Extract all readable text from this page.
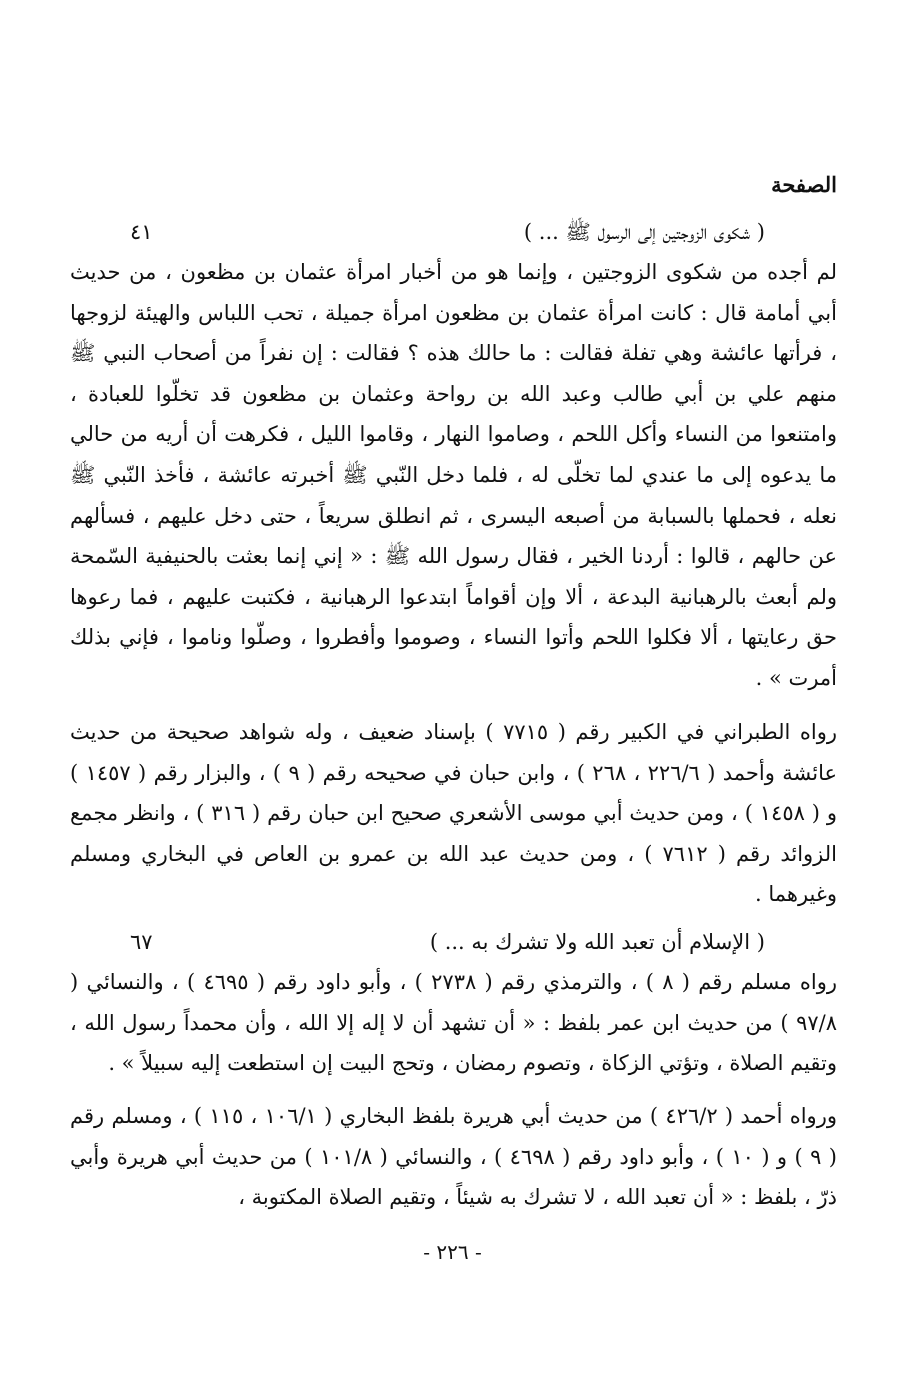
الصفحة
( شكوى الزوجتين إلى الرسول ﷺ ... )
٤١
لم أجده من شكوى الزوجتين ، وإنما هو من أخبار امرأة عثمان بن مظعون ، من حديث أبي أمامة قال : كانت امرأة عثمان بن مظعون امرأة جميلة ، تحب اللباس والهيئة لزوجها ، فرأتها عائشة وهي تفلة فقالت : ما حالك هذه ؟ فقالت : إن نفراً من أصحاب النبي ﷺ منهم علي بن أبي طالب وعبد الله بن رواحة وعثمان بن مظعون قد تخلّوا للعبادة ، وامتنعوا من النساء وأكل اللحم ، وصاموا النهار ، وقاموا الليل ، فكرهت أن أريه من حالي ما يدعوه إلى ما عندي لما تخلّى له ، فلما دخل النّبي ﷺ أخبرته عائشة ، فأخذ النّبي ﷺ نعله ، فحملها بالسبابة من أصبعه اليسرى ، ثم انطلق سريعاً ، حتى دخل عليهم ، فسألهم عن حالهم ، قالوا : أردنا الخير ، فقال رسول الله ﷺ : « إني إنما بعثت بالحنيفية السّمحة ولم أبعث بالرهبانية البدعة ، ألا وإن أقواماً ابتدعوا الرهبانية ، فكتبت عليهم ، فما رعوها حق رعايتها ، ألا فكلوا اللحم وأتوا النساء ، وصوموا وأفطروا ، وصلّوا وناموا ، فإني بذلك أمرت » .
رواه الطبراني في الكبير رقم ( ٧٧١٥ ) بإسناد ضعيف ، وله شواهد صحيحة من حديث عائشة وأحمد ( ٢٢٦/٦ ، ٢٦٨ ) ، وابن حبان في صحيحه رقم ( ٩ ) ، والبزار رقم ( ١٤٥٧ ) و ( ١٤٥٨ ) ، ومن حديث أبي موسى الأشعري صحيح ابن حبان رقم ( ٣١٦ ) ، وانظر مجمع الزوائد رقم ( ٧٦١٢ ) ، ومن حديث عبد الله بن عمرو بن العاص في البخاري ومسلم وغيرهما .
( الإسلام أن تعبد الله ولا تشرك به ... )
٦٧
رواه مسلم رقم ( ٨ ) ، والترمذي رقم ( ٢٧٣٨ ) ، وأبو داود رقم ( ٤٦٩٥ ) ، والنسائي ( ٩٧/٨ ) من حديث ابن عمر بلفظ : « أن تشهد أن لا إله إلا الله ، وأن محمداً رسول الله ، وتقيم الصلاة ، وتؤتي الزكاة ، وتصوم رمضان ، وتحج البيت إن استطعت إليه سبيلاً » .
ورواه أحمد ( ٤٢٦/٢ ) من حديث أبي هريرة بلفظ البخاري ( ١٠٦/١ ، ١١٥ ) ، ومسلم رقم ( ٩ ) و ( ١٠ ) ، وأبو داود رقم ( ٤٦٩٨ ) ، والنسائي ( ١٠١/٨ ) من حديث أبي هريرة وأبي ذرّ ، بلفظ : « أن تعبد الله ، لا تشرك به شيئاً ، وتقيم الصلاة المكتوبة ،
- ٢٢٦ -
